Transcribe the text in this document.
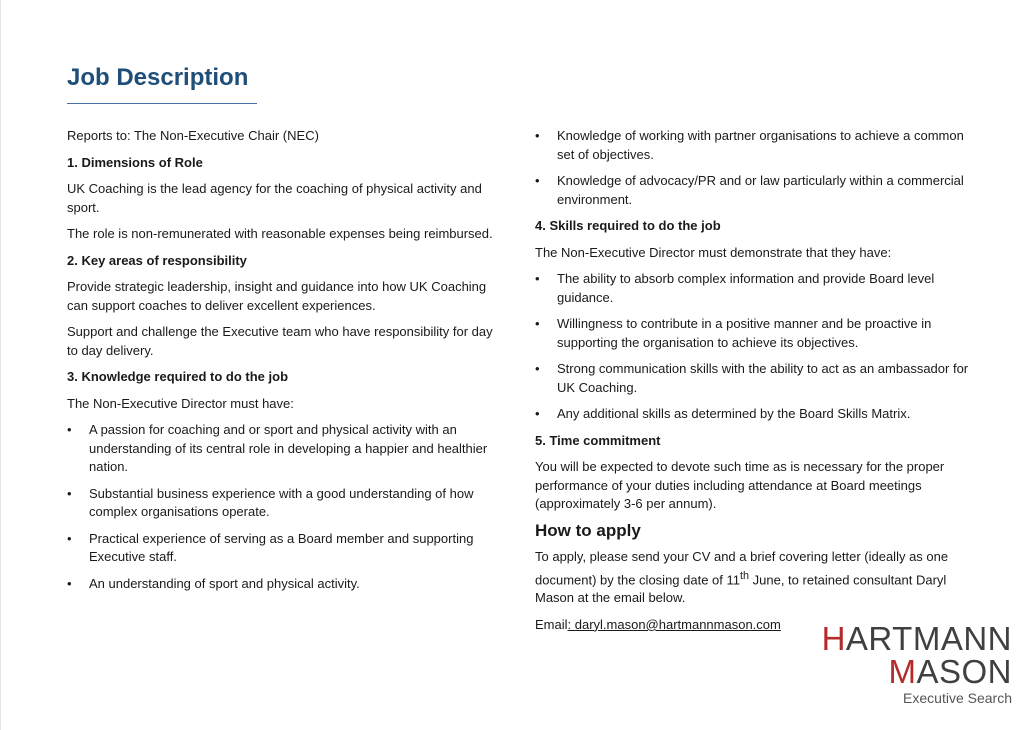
Job Description

Reports to: The Non-Executive Chair (NEC)

1. Dimensions of Role

UK Coaching is the lead agency for the coaching of physical activity and sport.

The role is non-remunerated with reasonable expenses being reimbursed.

2. Key areas of responsibility

Provide strategic leadership, insight and guidance into how UK Coaching can support coaches to deliver excellent experiences.

Support and challenge the Executive team who have responsibility for day to day delivery.

3. Knowledge required to do the job

The Non-Executive Director must have:

• A passion for coaching and or sport and physical activity with an understanding of its central role in developing a happier and healthier nation.
• Substantial business experience with a good understanding of how complex organisations operate.
• Practical experience of serving as a Board member and supporting Executive staff.
• An understanding of sport and physical activity.
• Knowledge of working with partner organisations to achieve a common set of objectives.
• Knowledge of advocacy/PR and or law particularly within a commercial environment.

4. Skills required to do the job

The Non-Executive Director must demonstrate that they have:

• The ability to absorb complex information and provide Board level guidance.
• Willingness to contribute in a positive manner and be proactive in supporting the organisation to achieve its objectives.
• Strong communication skills with the ability to act as an ambassador for UK Coaching.
• Any additional skills as determined by the Board Skills Matrix.

5. Time commitment

You will be expected to devote such time as is necessary for the proper performance of your duties including attendance at Board meetings (approximately 3-6 per annum).

How to apply

To apply, please send your CV and a brief covering letter (ideally as one document) by the closing date of 11th June, to retained consultant Daryl Mason at the email below.

Email: daryl.mason@hartmannmason.com	HARTMANN
MASON
Executive Search
